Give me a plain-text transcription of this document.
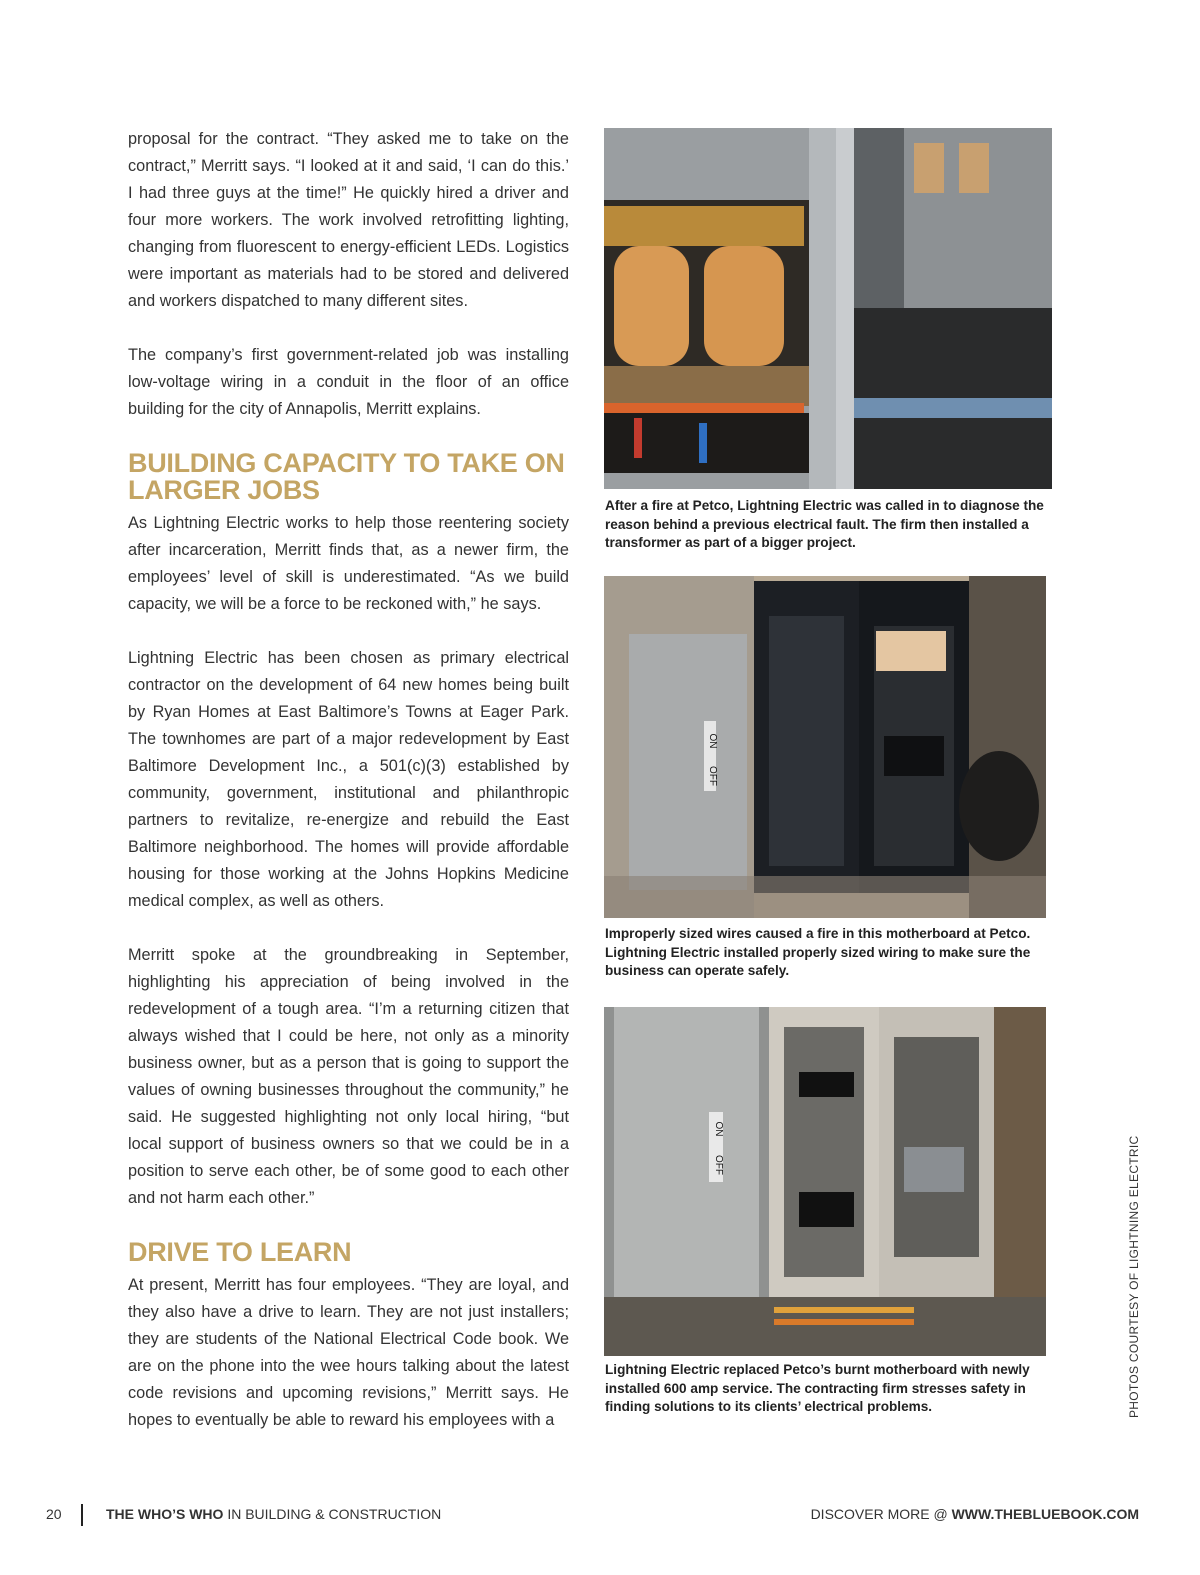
proposal for the contract. “They asked me to take on the contract,” Merritt says. “I looked at it and said, ‘I can do this.’ I had three guys at the time!” He quickly hired a driver and four more workers. The work involved retrofitting lighting, changing from fluorescent to energy-efficient LEDs. Logistics were important as materials had to be stored and delivered and workers dispatched to many different sites.

The company’s first government-related job was installing low-voltage wiring in a conduit in the floor of an office building for the city of Annapolis, Merritt explains.

BUILDING CAPACITY TO TAKE ON LARGER JOBS

As Lightning Electric works to help those reentering society after incarceration, Merritt finds that, as a newer firm, the employees’ level of skill is underestimated. “As we build capacity, we will be a force to be reckoned with,” he says.

Lightning Electric has been chosen as primary electrical contractor on the development of 64 new homes being built by Ryan Homes at East Baltimore’s Towns at Eager Park. The townhomes are part of a major redevelopment by East Baltimore Development Inc., a 501(c)(3) established by community, government, institutional and philanthropic partners to revitalize, re-energize and rebuild the East Baltimore neighborhood. The homes will provide affordable housing for those working at the Johns Hopkins Medicine medical complex, as well as others.

Merritt spoke at the groundbreaking in September, highlighting his appreciation of being involved in the redevelopment of a tough area. “I’m a returning citizen that always wished that I could be here, not only as a minority business owner, but as a person that is going to support the values of owning businesses throughout the community,” he said. He suggested highlighting not only local hiring, “but local support of business owners so that we could be in a position to serve each other, be of some good to each other and not harm each other.”

DRIVE TO LEARN

At present, Merritt has four employees. “They are loyal, and they also have a drive to learn. They are not just installers; they are students of the National Electrical Code book. We are on the phone into the wee hours talking about the latest code revisions and upcoming revisions,” Merritt says. He hopes to eventually be able to reward his employees with a

After a fire at Petco, Lightning Electric was called in to diagnose the reason behind a previous electrical fault. The firm then installed a transformer as part of a bigger project.
ON
OFF
Improperly sized wires caused a fire in this motherboard at Petco. Lightning Electric installed properly sized wiring to make sure the business can operate safely.
ON
OFF
Lightning Electric replaced Petco’s burnt motherboard with newly installed 600 amp service. The contracting firm stresses safety in finding solutions to its clients’ electrical problems.	PHOTOS COURTESY OF LIGHTNING ELECTRIC
20	THE WHO’S WHO IN BUILDING & CONSTRUCTION	DISCOVER MORE @ WWW.THEBLUEBOOK.COM
